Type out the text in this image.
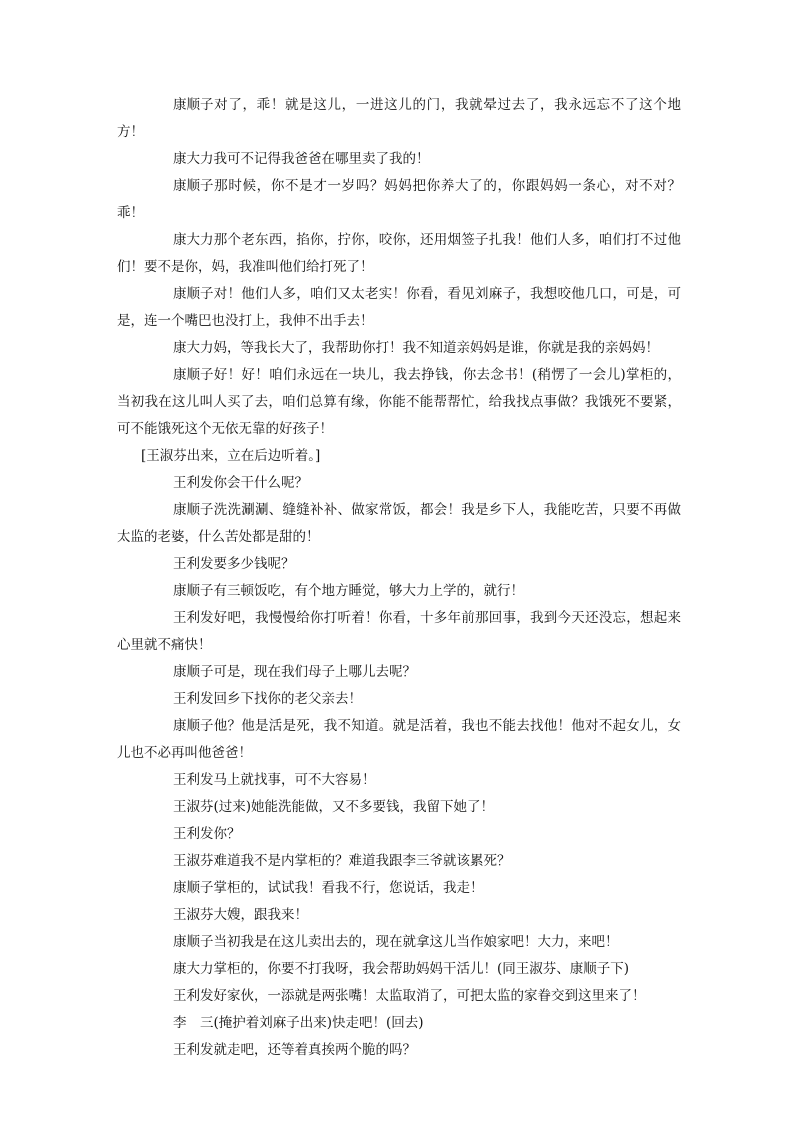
康顺子对了，乖！就是这儿，一进这儿的门，我就晕过去了，我永远忘不了这个地方！

康大力我可不记得我爸爸在哪里卖了我的！

康顺子那时候，你不是才一岁吗？妈妈把你养大了的，你跟妈妈一条心，对不对？乖！

康大力那个老东西，掐你，拧你，咬你，还用烟签子扎我！他们人多，咱们打不过他们！要不是你，妈，我准叫他们给打死了！

康顺子对！他们人多，咱们又太老实！你看，看见刘麻子，我想咬他几口，可是，可是，连一个嘴巴也没打上，我伸不出手去！

康大力妈，等我长大了，我帮助你打！我不知道亲妈妈是谁，你就是我的亲妈妈！

康顺子好！好！咱们永远在一块儿，我去挣钱，你去念书！(稍愣了一会儿)掌柜的，当初我在这儿叫人买了去，咱们总算有缘，你能不能帮帮忙，给我找点事做？我饿死不要紧，可不能饿死这个无依无靠的好孩子！

[王淑芬出来，立在后边听着。]

王利发你会干什么呢？

康顺子洗洗涮涮、缝缝补补、做家常饭，都会！我是乡下人，我能吃苦，只要不再做太监的老婆，什么苦处都是甜的！

王利发要多少钱呢？

康顺子有三顿饭吃，有个地方睡觉，够大力上学的，就行！

王利发好吧，我慢慢给你打听着！你看，十多年前那回事，我到今天还没忘，想起来心里就不痛快！

康顺子可是，现在我们母子上哪儿去呢？

王利发回乡下找你的老父亲去！

康顺子他？他是活是死，我不知道。就是活着，我也不能去找他！他对不起女儿，女儿也不必再叫他爸爸！

王利发马上就找事，可不大容易！

王淑芬(过来)她能洗能做，又不多要钱，我留下她了！

王利发你？

王淑芬难道我不是内掌柜的？难道我跟李三爷就该累死？

康顺子掌柜的，试试我！看我不行，您说话，我走！

王淑芬大嫂，跟我来！

康顺子当初我是在这儿卖出去的，现在就拿这儿当作娘家吧！大力，来吧！

康大力掌柜的，你要不打我呀，我会帮助妈妈干活儿！(同王淑芬、康顺子下)

王利发好家伙，一添就是两张嘴！太监取消了，可把太监的家眷交到这里来了！

李　三(掩护着刘麻子出来)快走吧！(回去)

王利发就走吧，还等着真挨两个脆的吗？
